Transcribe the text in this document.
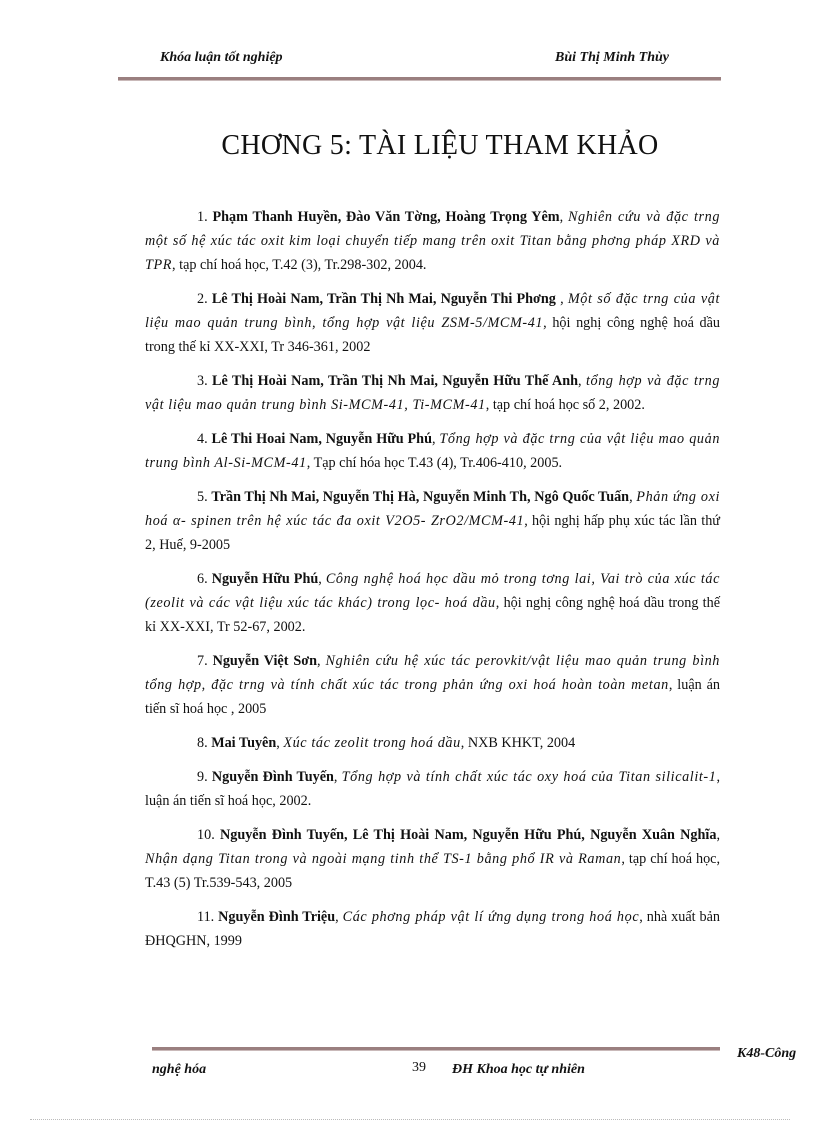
Khóa luận tốt nghiệp	Bùi Thị Minh Thùy
CHƠNG 5: TÀI LIỆU THAM KHẢO

1. Phạm Thanh Huyền, Đào Văn Tờng, Hoàng Trọng Yêm, Nghiên cứu và đặc trng một số hệ xúc tác oxit kim loại chuyển tiếp mang trên oxit Titan bằng phơng pháp XRD và TPR, tạp chí hoá học, T.42 (3), Tr.298-302, 2004.

2. Lê Thị Hoài Nam, Trần Thị Nh Mai, Nguyễn Thi Phơng , Một số đặc trng của vật liệu mao quản trung bình, tổng hợp vật liệu ZSM-5/MCM-41, hội nghị công nghệ hoá dầu trong thế kỉ XX-XXI, Tr 346-361, 2002

3. Lê Thị Hoài Nam, Trần Thị Nh Mai, Nguyễn Hữu Thế Anh, tổng hợp và đặc trng vật liệu mao quản trung bình Si-MCM-41, Ti-MCM-41, tạp chí hoá học số 2, 2002.

4. Lê Thi Hoai Nam, Nguyễn Hữu Phú, Tổng hợp và đặc trng của vật liệu mao quản trung bình Al-Si-MCM-41, Tạp chí hóa học T.43 (4), Tr.406-410, 2005.

5. Trần Thị Nh Mai, Nguyễn Thị Hà, Nguyễn Minh Th, Ngô Quốc Tuấn, Phản ứng oxi hoá α- spinen trên hệ xúc tác đa oxit V2O5- ZrO2/MCM-41, hội nghị hấp phụ xúc tác lần thứ 2, Huế, 9-2005

6. Nguyễn Hữu Phú, Công nghệ hoá học dầu mỏ trong tơng lai, Vai trò của xúc tác (zeolit và các vật liệu xúc tác khác) trong lọc- hoá dầu, hội nghị công nghệ hoá dầu trong thế kỉ XX-XXI, Tr 52-67, 2002.

7. Nguyễn Việt Sơn, Nghiên cứu hệ xúc tác perovkit/vật liệu mao quản trung bình tổng hợp, đặc trng và tính chất xúc tác trong phản ứng oxi hoá hoàn toàn metan, luận án tiến sĩ hoá học , 2005

8. Mai Tuyên, Xúc tác zeolit trong hoá dầu, NXB KHKT, 2004

9. Nguyễn Đình Tuyến, Tổng hợp và tính chất xúc tác oxy hoá của Titan silicalit-1, luận án tiến sĩ hoá học, 2002.

10. Nguyễn Đình Tuyến, Lê Thị Hoài Nam, Nguyễn Hữu Phú, Nguyễn Xuân Nghĩa, Nhận dạng Titan trong và ngoài mạng tinh thể TS-1 bằng phổ IR và Raman, tạp chí hoá học, T.43 (5) Tr.539-543, 2005

11. Nguyễn Đình Triệu, Các phơng pháp vật lí ứng dụng trong hoá học, nhà xuất bản ĐHQGHN, 1999

K48-Công
nghệ hóa	39 ĐH Khoa học tự nhiên
